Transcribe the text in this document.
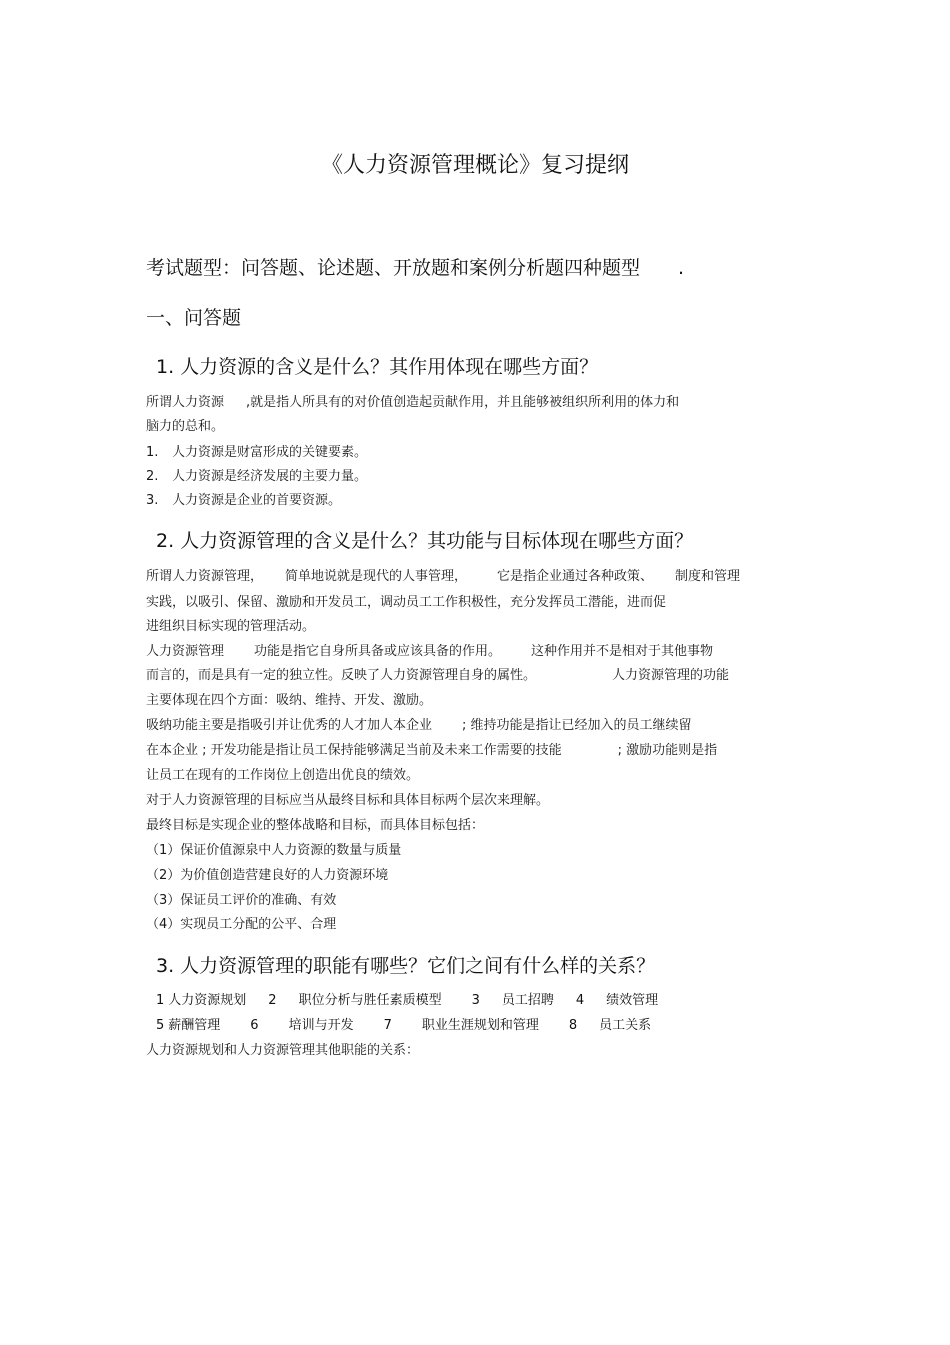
《人力资源管理概论》复习提纲

考试题型：问答题、论述题、开放题和案例分析题四种题型 .

一、问答题
1. 人力资源的含义是什么？其作用体现在哪些方面？

所谓人力资源 ,就是指人所具有的对价值创造起贡献作用，并且能够被组织所利用的体力和

脑力的总和。

1. 人力资源是财富形成的关键要素。

2. 人力资源是经济发展的主要力量。

3. 人力资源是企业的首要资源。

2. 人力资源管理的含义是什么？其功能与目标体现在哪些方面？

所谓人力资源管理， 简单地说就是现代的人事管理， 它是指企业通过各种政策、 制度和管理

实践，以吸引、保留、激励和开发员工，调动员工工作积极性，充分发挥员工潜能，进而促

进组织目标实现的管理活动。

人力资源管理 功能是指它自身所具备或应该具备的作用。 这种作用并不是相对于其他事物

而言的，而是具有一定的独立性。反映了人力资源管理自身的属性。	人力资源管理的功能

主要体现在四个方面：吸纳、维持、开发、激励。

吸纳功能主要是指吸引并让优秀的人才加人本企业 ; 维持功能是指让已经加入的员工继续留

在本企业 ; 开发功能是指让员工保持能够满足当前及未来工作需要的技能	; 激励功能则是指

让员工在现有的工作岗位上创造出优良的绩效。

对于人力资源管理的目标应当从最终目标和具体目标两个层次来理解。

最终目标是实现企业的整体战略和目标，而具体目标包括：

（1）保证价值源泉中人力资源的数量与质量

（2）为价值创造营建良好的人力资源环境

（3）保证员工评价的准确、有效

（4）实现员工分配的公平、合理

3. 人力资源管理的职能有哪些？它们之间有什么样的关系？

1 人力资源规划 2 职位分析与胜任素质模型 3 员工招聘 4 绩效管理

5 薪酬管理 6 培训与开发 7 职业生涯规划和管理 8 员工关系

人力资源规划和人力资源管理其他职能的关系：
